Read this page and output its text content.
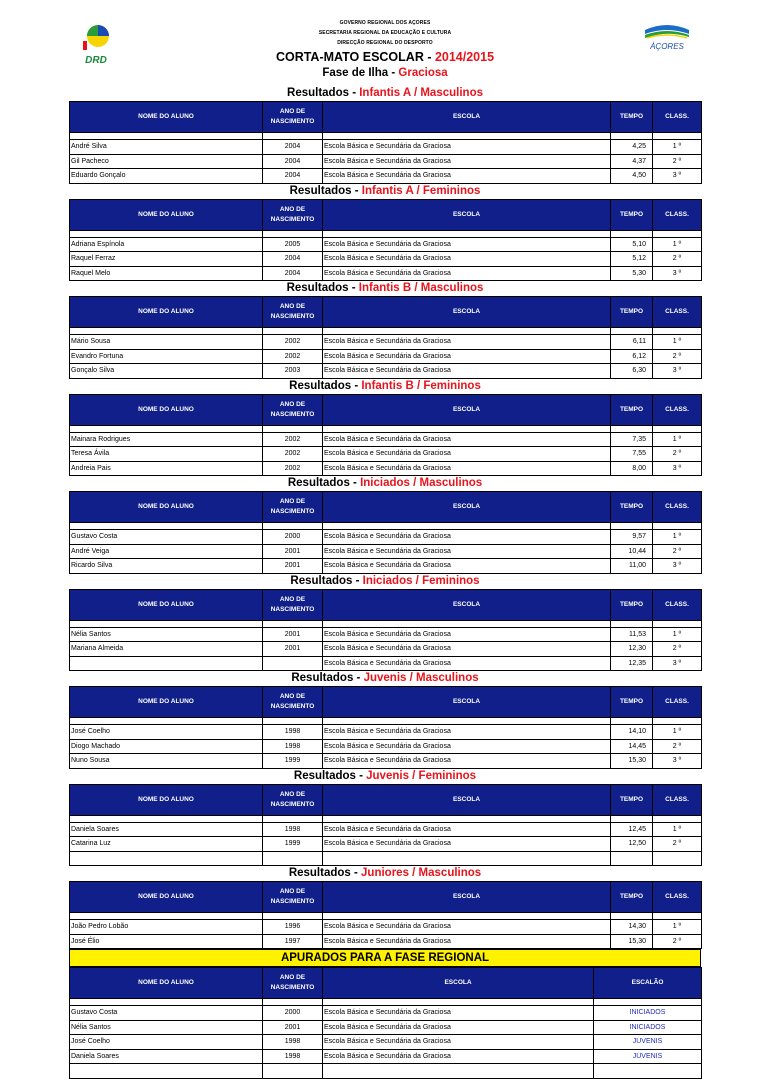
DRD
GOVERNO REGIONAL DOS AÇORES
SECRETARIA REGIONAL DA EDUCAÇÃO E CULTURA
DIRECÇÃO REGIONAL DO DESPORTO	ÀÇORES
CORTA-MATO ESCOLAR - 2014/2015
Fase de Ilha - Graciosa
Resultados - Infantis A / Masculinos
NOME DO ALUNO	ANO DE NASCIMENTO	ESCOLA	TEMPO	CLASS.

André Silva	2004	Escola Básica e Secundária da Graciosa	4,25	1 º
Gil Pacheco	2004	Escola Básica e Secundária da Graciosa	4,37	2 º
Eduardo Gonçalo	2004	Escola Básica e Secundária da Graciosa	4,50	3 º
Resultados - Infantis A / Femininos
NOME DO ALUNO	ANO DE NASCIMENTO	ESCOLA	TEMPO	CLASS.

Adriana Espínola	2005	Escola Básica e Secundária da Graciosa	5,10	1 º
Raquel Ferraz	2004	Escola Básica e Secundária da Graciosa	5,12	2 º
Raquel Melo	2004	Escola Básica e Secundária da Graciosa	5,30	3 º
Resultados - Infantis B / Masculinos
NOME DO ALUNO	ANO DE NASCIMENTO	ESCOLA	TEMPO	CLASS.

Mário Sousa	2002	Escola Básica e Secundária da Graciosa	6,11	1 º
Evandro Fortuna	2002	Escola Básica e Secundária da Graciosa	6,12	2 º
Gonçalo Silva	2003	Escola Básica e Secundária da Graciosa	6,30	3 º
Resultados - Infantis B / Femininos
NOME DO ALUNO	ANO DE NASCIMENTO	ESCOLA	TEMPO	CLASS.

Mainara Rodrigues	2002	Escola Básica e Secundária da Graciosa	7,35	1 º
Teresa Ávila	2002	Escola Básica e Secundária da Graciosa	7,55	2 º
Andreia Pais	2002	Escola Básica e Secundária da Graciosa	8,00	3 º
Resultados - Iniciados / Masculinos
NOME DO ALUNO	ANO DE NASCIMENTO	ESCOLA	TEMPO	CLASS.

Gustavo Costa	2000	Escola Básica e Secundária da Graciosa	9,57	1 º
André Veiga	2001	Escola Básica e Secundária da Graciosa	10,44	2 º
Ricardo Silva	2001	Escola Básica e Secundária da Graciosa	11,00	3 º
Resultados - Iniciados / Femininos
NOME DO ALUNO	ANO DE NASCIMENTO	ESCOLA	TEMPO	CLASS.

Nélia Santos	2001	Escola Básica e Secundária da Graciosa	11,53	1 º
Mariana Almeida	2001	Escola Básica e Secundária da Graciosa	12,30	2 º
		Escola Básica e Secundária da Graciosa	12,35	3 º
Resultados - Juvenis / Masculinos
NOME DO ALUNO	ANO DE NASCIMENTO	ESCOLA	TEMPO	CLASS.

José Coelho	1998	Escola Básica e Secundária da Graciosa	14,10	1 º
Diogo Machado	1998	Escola Básica e Secundária da Graciosa	14,45	2 º
Nuno Sousa	1999	Escola Básica e Secundária da Graciosa	15,30	3 º
Resultados - Juvenis / Femininos
NOME DO ALUNO	ANO DE NASCIMENTO	ESCOLA	TEMPO	CLASS.

Daniela Soares	1998	Escola Básica e Secundária da Graciosa	12,45	1 º
Catarina Luz	1999	Escola Básica e Secundária da Graciosa	12,50	2 º

Resultados - Juniores / Masculinos
NOME DO ALUNO	ANO DE NASCIMENTO	ESCOLA	TEMPO	CLASS.

João Pedro Lobão	1996	Escola Básica e Secundária da Graciosa	14,30	1 º
José Élio	1997	Escola Básica e Secundária da Graciosa	15,30	2 º
APURADOS PARA A FASE REGIONAL
NOME DO ALUNO	ANO DE NASCIMENTO	ESCOLA	ESCALÃO

Gustavo Costa	2000	Escola Básica e Secundária da Graciosa	INICIADOS
Nélia Santos	2001	Escola Básica e Secundária da Graciosa	INICIADOS
José Coelho	1998	Escola Básica e Secundária da Graciosa	JUVENIS
Daniela Soares	1998	Escola Básica e Secundária da Graciosa	JUVENIS
